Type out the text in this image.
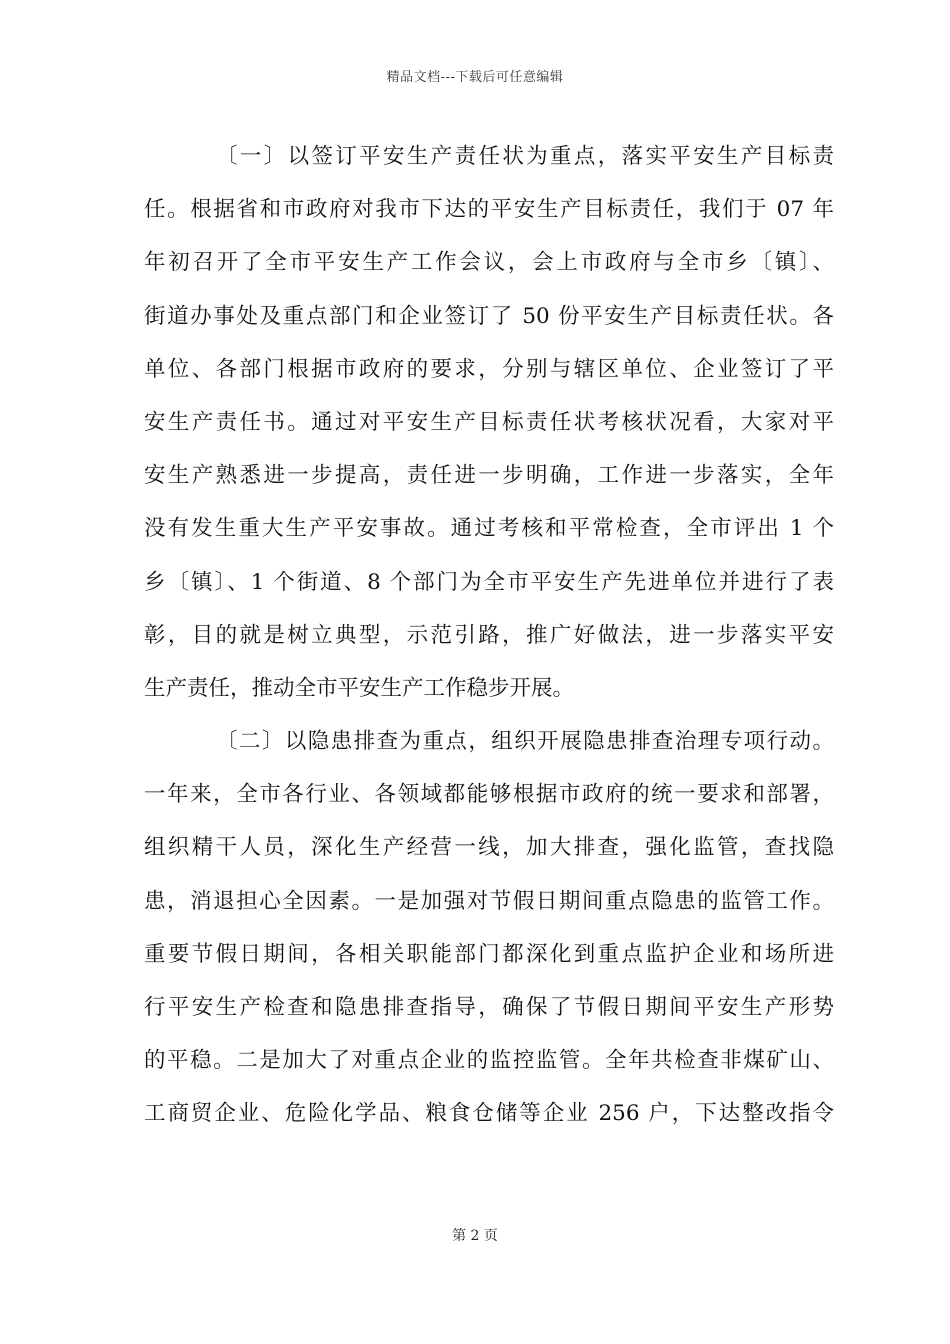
精品文档---下载后可任意编辑
〔一〕以签订平安生产责任状为重点，落实平安生产目标责
任。根据省和市政府对我市下达的平安生产目标责任，我们于 07 年
年初召开了全市平安生产工作会议，会上市政府与全市乡〔镇〕、
街道办事处及重点部门和企业签订了 50 份平安生产目标责任状。各
单位、各部门根据市政府的要求，分别与辖区单位、企业签订了平
安生产责任书。通过对平安生产目标责任状考核状况看，大家对平
安生产熟悉进一步提高，责任进一步明确，工作进一步落实，全年
没有发生重大生产平安事故。通过考核和平常检查，全市评出 1 个
乡〔镇〕、1 个街道、8 个部门为全市平安生产先进单位并进行了表
彰，目的就是树立典型，示范引路，推广好做法，进一步落实平安
生产责任，推动全市平安生产工作稳步开展。
〔二〕以隐患排查为重点，组织开展隐患排查治理专项行动。
一年来，全市各行业、各领域都能够根据市政府的统一要求和部署，
组织精干人员，深化生产经营一线，加大排查，强化监管，查找隐
患，消退担心全因素。一是加强对节假日期间重点隐患的监管工作。
重要节假日期间，各相关职能部门都深化到重点监护企业和场所进
行平安生产检查和隐患排查指导，确保了节假日期间平安生产形势
的平稳。二是加大了对重点企业的监控监管。全年共检查非煤矿山、
工商贸企业、危险化学品、粮食仓储等企业 256 户，下达整改指令
第 2 页
